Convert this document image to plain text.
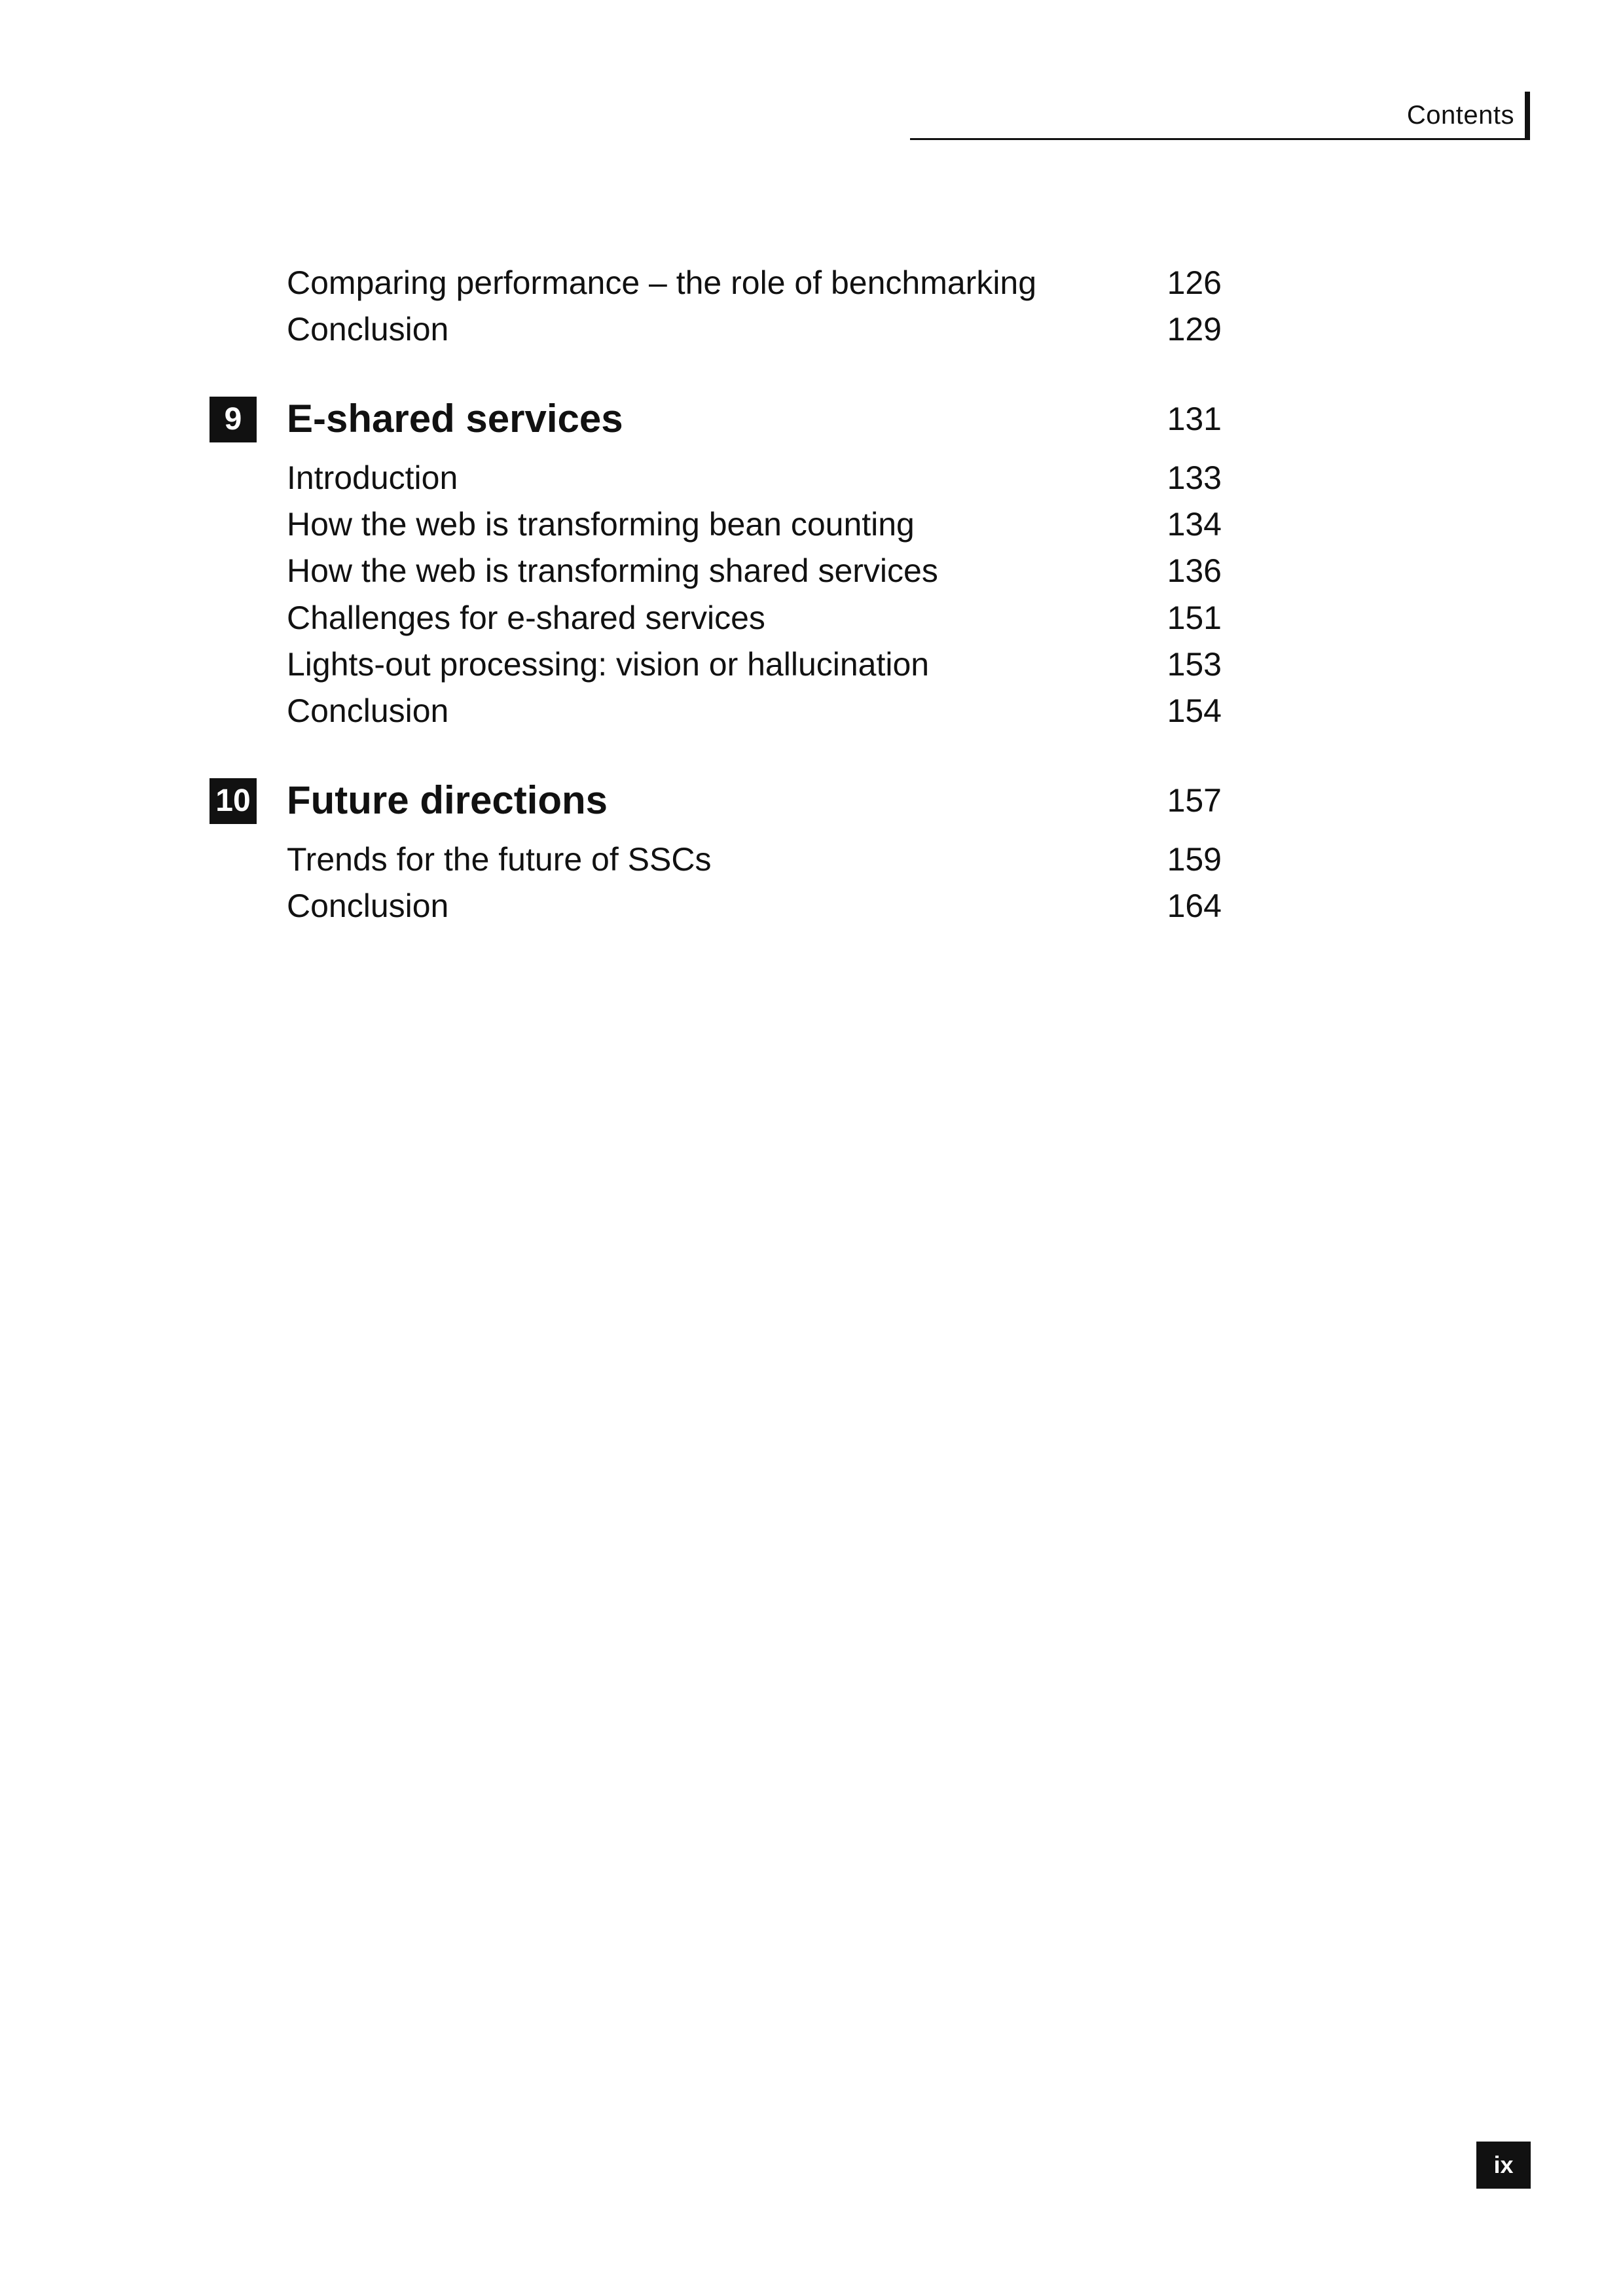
Contents
Comparing performance – the role of benchmarking	126
Conclusion	129
9	E-shared services	131
Introduction	133
How the web is transforming bean counting	134
How the web is transforming shared services	136
Challenges for e-shared services	151
Lights-out processing: vision or hallucination	153
Conclusion	154
10 Future directions	157
Trends for the future of SSCs	159
Conclusion	164
ix
